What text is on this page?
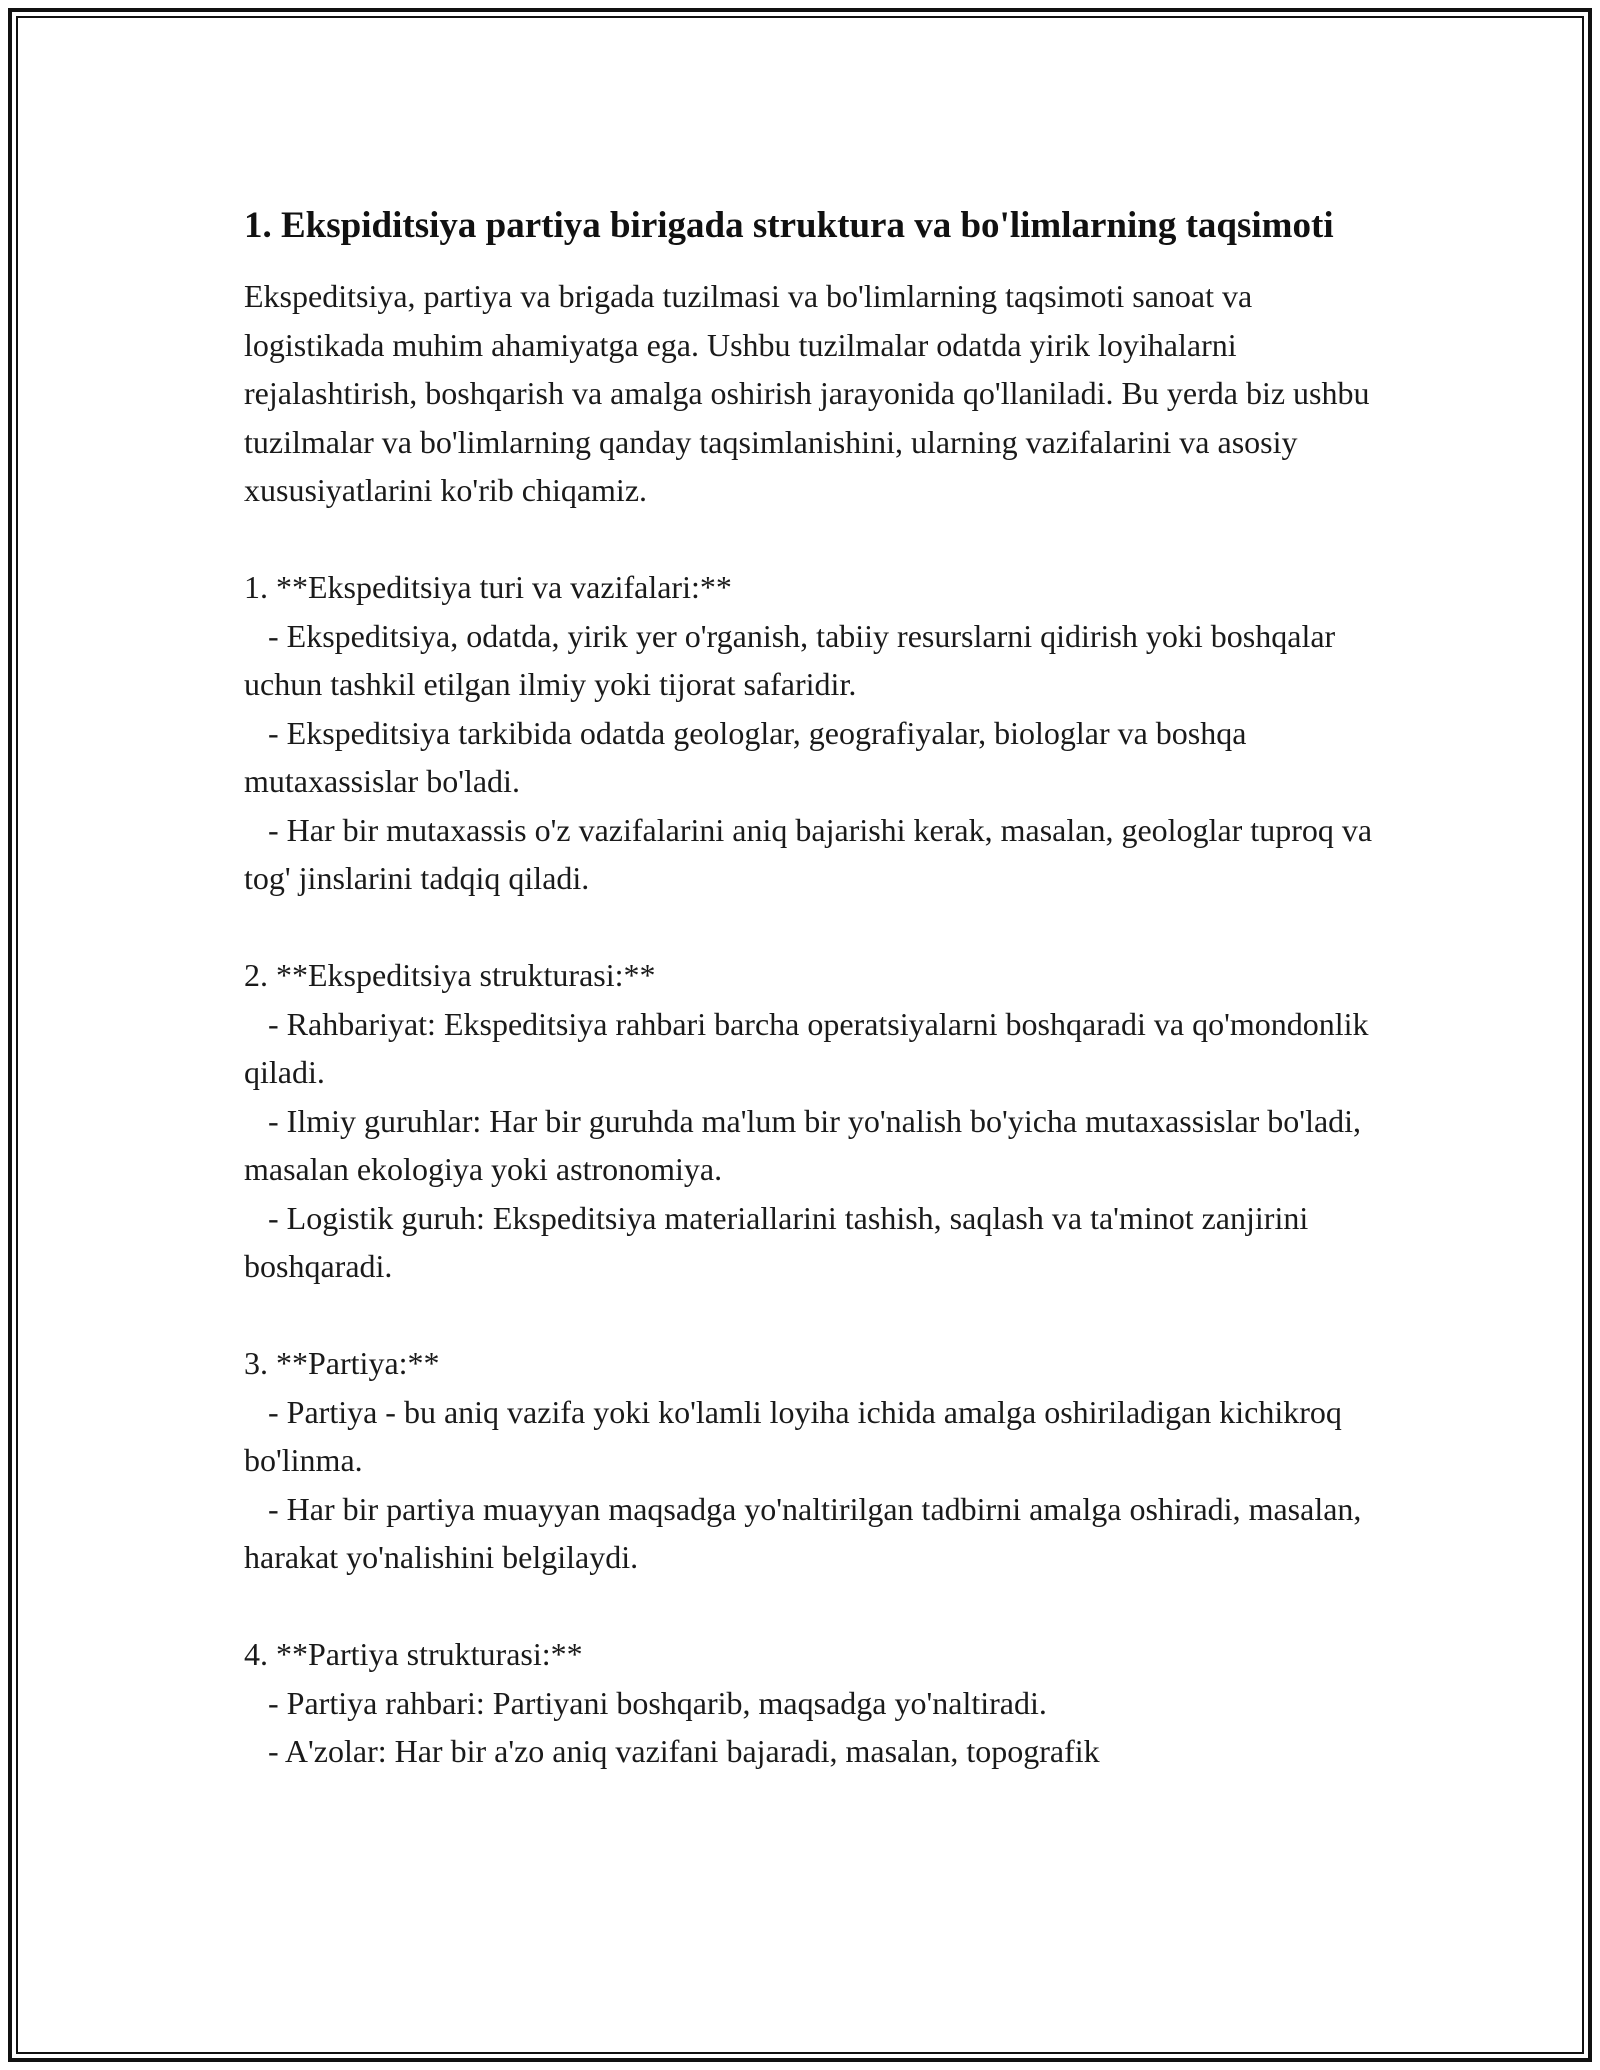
1. Ekspiditsiya partiya birigada struktura va bo'limlarning taqsimoti

Ekspeditsiya, partiya va brigada tuzilmasi va bo'limlarning taqsimoti sanoat va logistikada muhim ahamiyatga ega. Ushbu tuzilmalar odatda yirik loyihalarni rejalashtirish, boshqarish va amalga oshirish jarayonida qo'llaniladi. Bu yerda biz ushbu tuzilmalar va bo'limlarning qanday taqsimlanishini, ularning vazifalarini va asosiy xususiyatlarini ko'rib chiqamiz.

1. **Ekspeditsiya turi va vazifalari:**

- Ekspeditsiya, odatda, yirik yer o'rganish, tabiiy resurslarni qidirish yoki boshqalar uchun tashkil etilgan ilmiy yoki tijorat safaridir.

- Ekspeditsiya tarkibida odatda geologlar, geografiyalar, biologlar va boshqa mutaxassislar bo'ladi.

- Har bir mutaxassis o'z vazifalarini aniq bajarishi kerak, masalan, geologlar tuproq va tog' jinslarini tadqiq qiladi.

2. **Ekspeditsiya strukturasi:**

- Rahbariyat: Ekspeditsiya rahbari barcha operatsiyalarni boshqaradi va qo'mondonlik qiladi.

- Ilmiy guruhlar: Har bir guruhda ma'lum bir yo'nalish bo'yicha mutaxassislar bo'ladi, masalan ekologiya yoki astronomiya.

- Logistik guruh: Ekspeditsiya materiallarini tashish, saqlash va ta'minot zanjirini boshqaradi.

3. **Partiya:**

- Partiya - bu aniq vazifa yoki ko'lamli loyiha ichida amalga oshiriladigan kichikroq bo'linma.

- Har bir partiya muayyan maqsadga yo'naltirilgan tadbirni amalga oshiradi, masalan, harakat yo'nalishini belgilaydi.

4. **Partiya strukturasi:**

- Partiya rahbari: Partiyani boshqarib, maqsadga yo'naltiradi.

- A'zolar: Har bir a'zo aniq vazifani bajaradi, masalan, topografik
